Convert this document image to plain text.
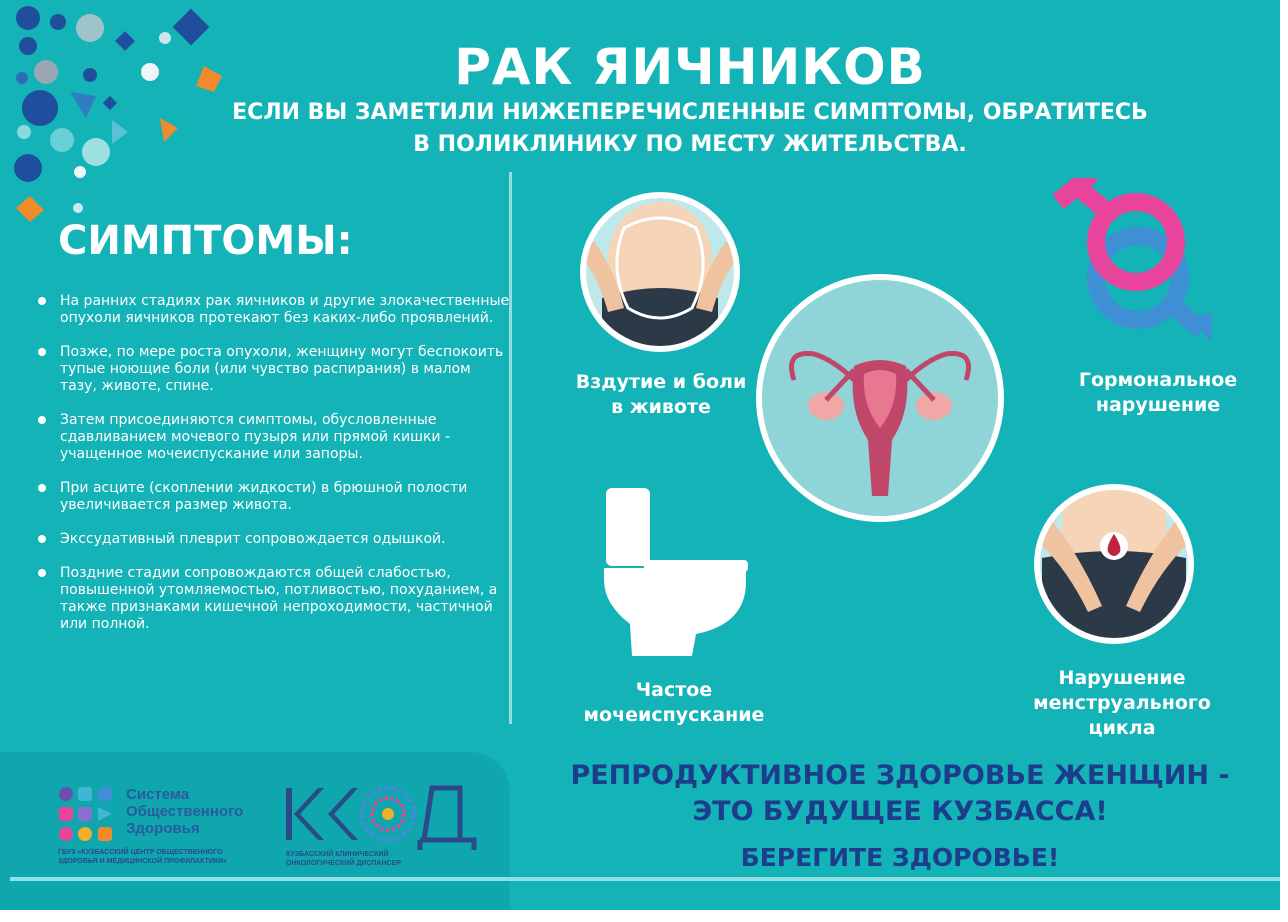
РАК ЯИЧНИКОВ
ЕСЛИ ВЫ ЗАМЕТИЛИ НИЖЕПЕРЕЧИСЛЕННЫЕ СИМПТОМЫ, ОБРАТИТЕСЬ
В ПОЛИКЛИНИКУ ПО МЕСТУ ЖИТЕЛЬСТВА.
СИМПТОМЫ:
На ранних стадиях рак яичников и другие злокачественные опухоли яичников протекают без каких-либо проявлений.
Позже, по мере роста опухоли, женщину могут беспокоить тупые ноющие боли (или чувство распирания) в малом тазу, животе, спине.
Затем присоединяются симптомы, обусловленные сдавливанием мочевого пузыря или прямой кишки - учащенное мочеиспускание или запоры.
При асците (скоплении жидкости) в брюшной полости увеличивается размер живота.
Экссудативный плеврит сопровождается одышкой.
Поздние стадии сопровождаются общей слабостью, повышенной утомляемостью, потливостью, похуданием, а также признаками кишечной непроходимости, частичной или полной.
Вздутие и боли
в животе
Гормональное
нарушение
Частое
мочеиспускание
Нарушение
менструального
цикла
Система
Общественного
Здоровья
ГБУЗ «КУЗБАССКИЙ ЦЕНТР ОБЩЕСТВЕННОГО
ЗДОРОВЬЯ И МЕДИЦИНСКОЙ ПРОФИЛАКТИКИ»
КУЗБАССКИЙ КЛИНИЧЕСКИЙ
ОНКОЛОГИЧЕСКИЙ ДИСПАНСЕР
РЕПРОДУКТИВНОЕ ЗДОРОВЬЕ ЖЕНЩИН -
ЭТО БУДУЩЕЕ КУЗБАССА!
БЕРЕГИТЕ ЗДОРОВЬЕ!
